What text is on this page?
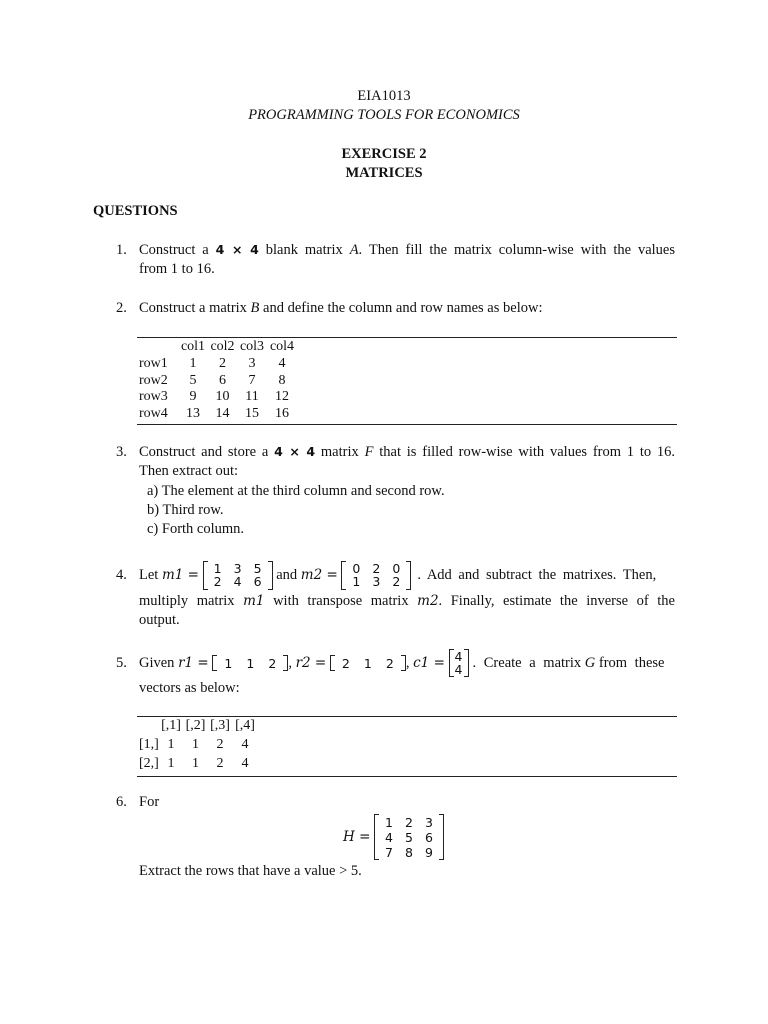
EIA1013
PROGRAMMING TOOLS FOR ECONOMICS
EXERCISE 2
MATRICES
QUESTIONS
1. Construct a 4 × 4 blank matrix A. Then fill the matrix column-wise with the values
from 1 to 16.
2. Construct a matrix B and define the column and row names as below:
col1 col2 col3 col4
row1	1	2	3	4
row2	5	6	7	8
row3	9	10	11	12
row4	13	14	15	16
3. Construct and store a 4 × 4 matrix F that is filled row-wise with values from 1 to 16.
Then extract out:
a) The element at the third column and second row.
b) Third row.
c) Forth column.
4. Let
m1 =
	1 3 5
2 4 6
	and
m2 =
	0 2 0
1 3 2	. Add and subtract the matrixes. Then,
multiply matrix m1 with transpose matrix m2. Finally, estimate the inverse of the
output.
5. Given
r1 =
	1	1	2 , r2 =
	2	1	2 , c1 =
4
4 . Create a matrix
G
from these
vectors as below:
[,1] [,2] [,3] [,4]
[1,] 1	1	2	4
[2,] 1	1	2	4
6. For
H =

1 2 3
4 5 6
7 8 9
Extract the rows that have a value > 5.
